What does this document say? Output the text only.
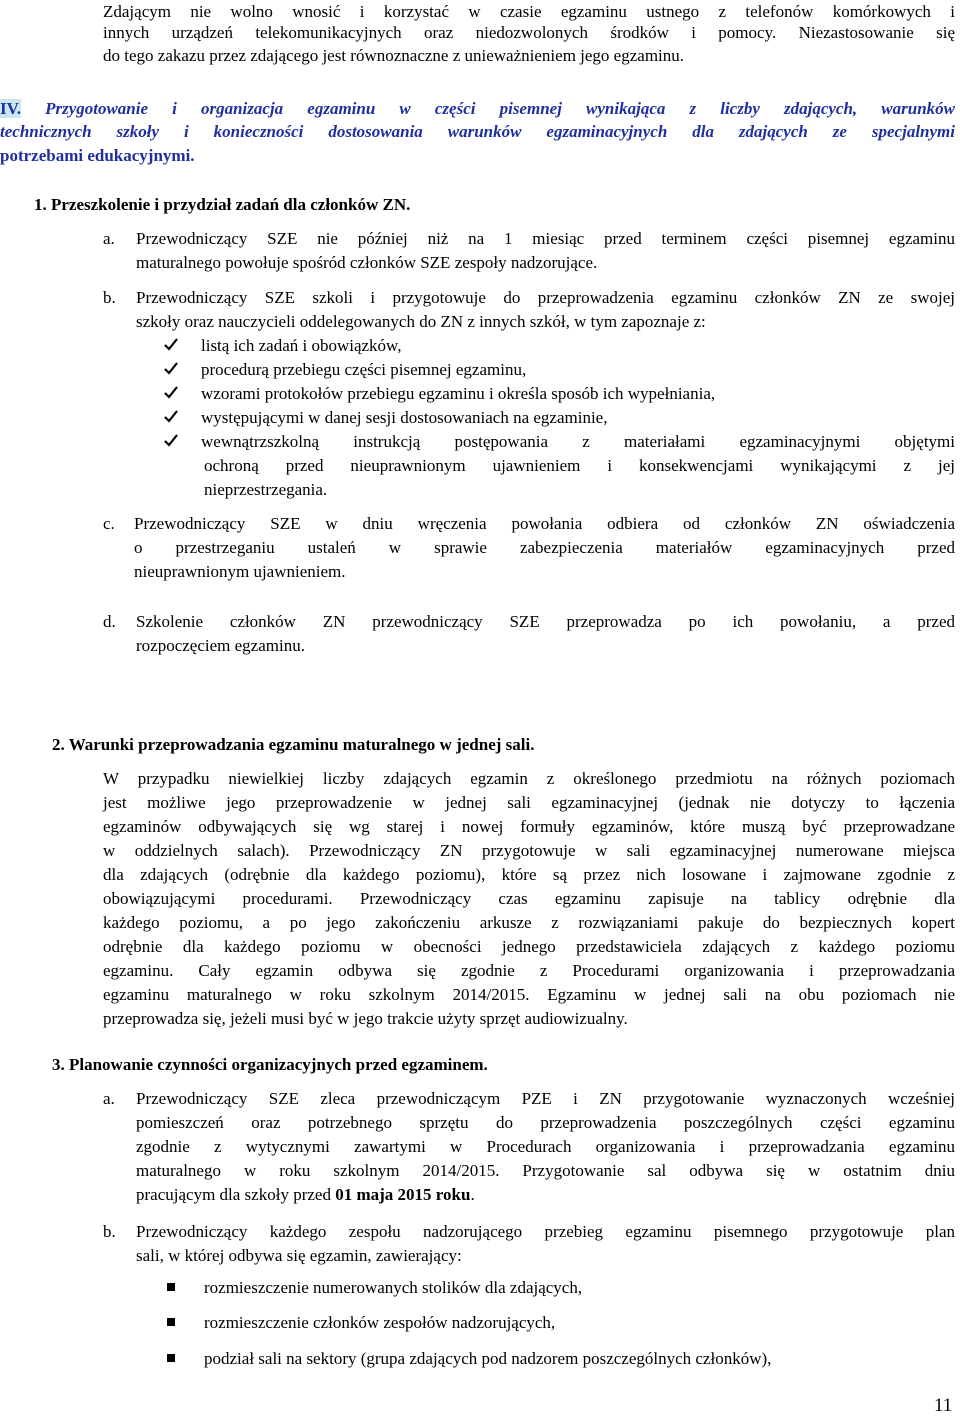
Zdającym nie wolno wnosić i korzystać w czasie egzaminu ustnego z telefonów komórkowych i
innych urządzeń telekomunikacyjnych oraz niedozwolonych środków i pomocy. Niezastosowanie się
do tego zakazu przez zdającego jest równoznaczne z unieważnieniem jego egzaminu.
IV. Przygotowanie i organizacja egzaminu w części pisemnej wynikająca z liczby zdających, warunków
technicznych szkoły i konieczności dostosowania warunków egzaminacyjnych dla zdających ze specjalnymi
potrzebami edukacyjnymi.
1. Przeszkolenie i przydział zadań dla członków ZN.
a. Przewodniczący SZE nie później niż na 1 miesiąc przed terminem części pisemnej egzaminu
maturalnego powołuje spośród członków SZE zespoły nadzorujące.
b. Przewodniczący SZE szkoli i przygotowuje do przeprowadzenia egzaminu członków ZN ze swojej
szkoły oraz nauczycieli oddelegowanych do ZN z innych szkół, w tym zapoznaje z:
listą ich zadań i obowiązków,
procedurą przebiegu części pisemnej egzaminu,
wzorami protokołów przebiegu egzaminu i określa sposób ich wypełniania,
występującymi w danej sesji dostosowaniach na egzaminie,
wewnątrzszkolną instrukcją postępowania z materiałami egzaminacyjnymi objętymi
ochroną przed nieuprawnionym ujawnieniem i konsekwencjami wynikającymi z jej
nieprzestrzegania.
c. Przewodniczący SZE w dniu wręczenia powołania odbiera od członków ZN oświadczenia
o przestrzeganiu ustaleń w sprawie zabezpieczenia materiałów egzaminacyjnych przed
nieuprawnionym ujawnieniem.
d. Szkolenie członków ZN przewodniczący SZE przeprowadza po ich powołaniu, a przed
rozpoczęciem egzaminu.
2. Warunki przeprowadzania egzaminu maturalnego w jednej sali.
W przypadku niewielkiej liczby zdających egzamin z określonego przedmiotu na różnych poziomach
jest możliwe jego przeprowadzenie w jednej sali egzaminacyjnej (jednak nie dotyczy to łączenia
egzaminów odbywających się wg starej i nowej formuły egzaminów, które muszą być przeprowadzane
w oddzielnych salach). Przewodniczący ZN przygotowuje w sali egzaminacyjnej numerowane miejsca
dla zdających (odrębnie dla każdego poziomu), które są przez nich losowane i zajmowane zgodnie z
obowiązującymi procedurami. Przewodniczący czas egzaminu zapisuje na tablicy odrębnie dla
każdego poziomu, a po jego zakończeniu arkusze z rozwiązaniami pakuje do bezpiecznych kopert
odrębnie dla każdego poziomu w obecności jednego przedstawiciela zdających z każdego poziomu
egzaminu. Cały egzamin odbywa się zgodnie z Procedurami organizowania i przeprowadzania
egzaminu maturalnego w roku szkolnym 2014/2015. Egzaminu w jednej sali na obu poziomach nie
przeprowadza się, jeżeli musi być w jego trakcie użyty sprzęt audiowizualny.
3. Planowanie czynności organizacyjnych przed egzaminem.
a. Przewodniczący SZE zleca przewodniczącym PZE i ZN przygotowanie wyznaczonych wcześniej
pomieszczeń oraz potrzebnego sprzętu do przeprowadzenia poszczególnych części egzaminu
zgodnie z wytycznymi zawartymi w Procedurach organizowania i przeprowadzania egzaminu
maturalnego w roku szkolnym 2014/2015. Przygotowanie sal odbywa się w ostatnim dniu
pracującym dla szkoły przed 01 maja 2015 roku.
b. Przewodniczący każdego zespołu nadzorującego przebieg egzaminu pisemnego przygotowuje plan
sali, w której odbywa się egzamin, zawierający:
rozmieszczenie numerowanych stolików dla zdających,
rozmieszczenie członków zespołów nadzorujących,
podział sali na sektory (grupa zdających pod nadzorem poszczególnych członków),
11
